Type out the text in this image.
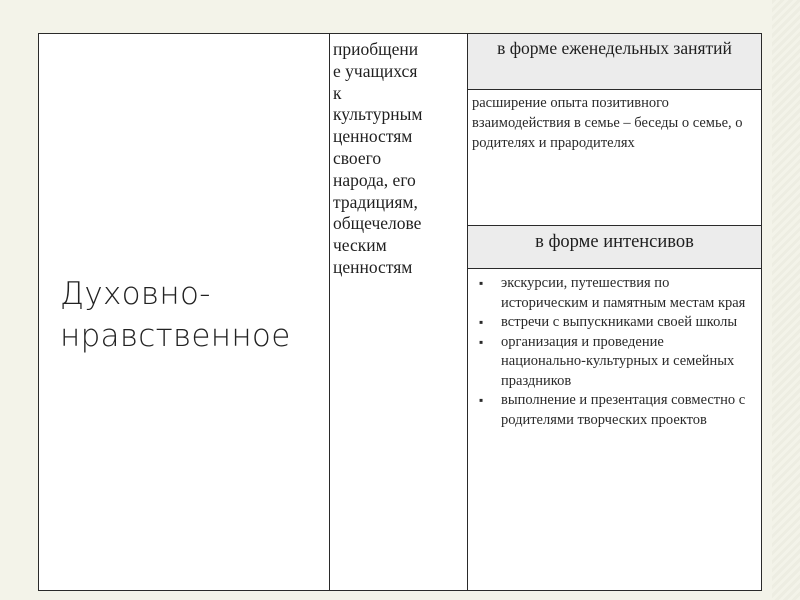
Духовно-нравственное
приобщени
е учащихся
к
культурным
ценностям
своего
народа, его
традициям,
общечелове
ческим
ценностям
в форме еженедельных занятий
расширение опыта позитивного взаимодействия в семье – беседы о семье, о родителях и прародителях
в форме интенсивов
▪ экскурсии, путешествия по историческим и памятным местам края
▪ встречи с выпускниками своей школы
▪ организация и проведение национально-культурных и семейных праздников
▪ выполнение и презентация совместно с родителями творческих проектов
